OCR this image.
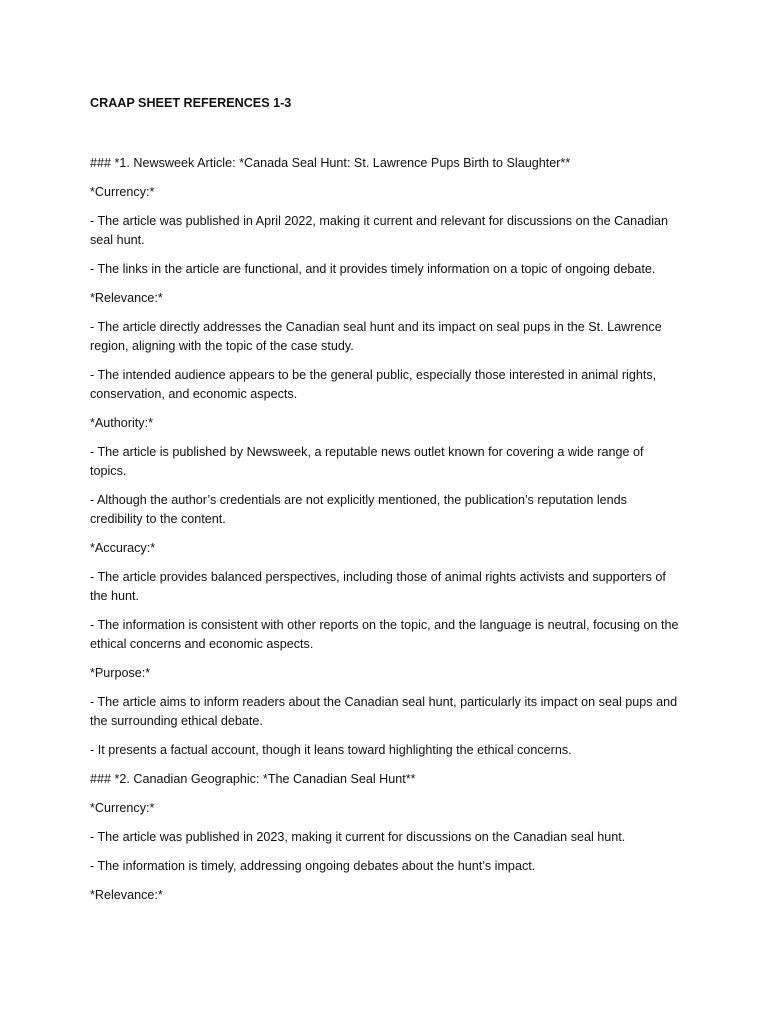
CRAAP SHEET REFERENCES 1-3
### *1. Newsweek Article: *Canada Seal Hunt: St. Lawrence Pups Birth to Slaughter**
*Currency:*
- The article was published in April 2022, making it current and relevant for discussions on the Canadian seal hunt.
- The links in the article are functional, and it provides timely information on a topic of ongoing debate.
*Relevance:*
- The article directly addresses the Canadian seal hunt and its impact on seal pups in the St. Lawrence region, aligning with the topic of the case study.
- The intended audience appears to be the general public, especially those interested in animal rights, conservation, and economic aspects.
*Authority:*
- The article is published by Newsweek, a reputable news outlet known for covering a wide range of topics.
- Although the author’s credentials are not explicitly mentioned, the publication’s reputation lends credibility to the content.
*Accuracy:*
- The article provides balanced perspectives, including those of animal rights activists and supporters of the hunt.
- The information is consistent with other reports on the topic, and the language is neutral, focusing on the ethical concerns and economic aspects.
*Purpose:*
- The article aims to inform readers about the Canadian seal hunt, particularly its impact on seal pups and the surrounding ethical debate.
- It presents a factual account, though it leans toward highlighting the ethical concerns.
### *2. Canadian Geographic: *The Canadian Seal Hunt**
*Currency:*
- The article was published in 2023, making it current for discussions on the Canadian seal hunt.
- The information is timely, addressing ongoing debates about the hunt’s impact.
*Relevance:*
